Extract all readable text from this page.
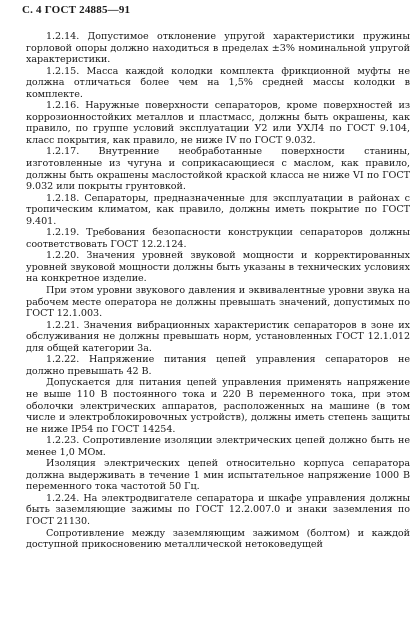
С. 4 ГОСТ 24885—91

1.2.14. Допустимое отклонение упругой характеристики пружины горловой опоры должно находиться в пределах ±3% номинальной упругой характеристики.

1.2.15. Масса каждой колодки комплекта фрикционной муфты не должна отличаться более чем на 1,5% средней массы колодки в комплекте.

1.2.16. Наружные поверхности сепараторов, кроме поверхностей из коррозионностойких металлов и пластмасс, должны быть окрашены, как правило, по группе условий эксплуатации У2 или УХЛ4 по ГОСТ 9.104, класс покрытия, как правило, не ниже IV по ГОСТ 9.032.

1.2.17. Внутренние необработанные поверхности станины, изготовленные из чугуна и соприкасающиеся с маслом, как правило, должны быть окрашены маслостойкой краской класса не ниже VI по ГОСТ 9.032 или покрыты грунтовкой.

1.2.18. Сепараторы, предназначенные для эксплуатации в районах с тропическим климатом, как правило, должны иметь покрытие по ГОСТ 9.401.

1.2.19. Требования безопасности конструкции сепараторов должны соответствовать ГОСТ 12.2.124.

1.2.20. Значения уровней звуковой мощности и корректированных уровней звуковой мощности должны быть указаны в технических условиях на конкретное изделие.

При этом уровни звукового давления и эквивалентные уровни звука на рабочем месте оператора не должны превышать значений, допустимых по ГОСТ 12.1.003.

1.2.21. Значения вибрационных характеристик сепараторов в зоне их обслуживания не должны превышать норм, установленных ГОСТ 12.1.012 для общей категории 3а.

1.2.22. Напряжение питания цепей управления сепараторов не должно превышать 42 В.

Допускается для питания цепей управления применять напряжение не выше 110 В постоянного тока и 220 В переменного тока, при этом оболочки электрических аппаратов, расположенных на машине (в том числе и электроблокировочных устройств), должны иметь степень защиты не ниже IP54 по ГОСТ 14254.

1.2.23. Сопротивление изоляции электрических цепей должно быть не менее 1,0 МОм.

Изоляция электрических цепей относительно корпуса сепаратора должна выдерживать в течение 1 мин испытательное напряжение 1000 В переменного тока частотой 50 Гц.

1.2.24. На электродвигателе сепаратора и шкафе управления должны быть заземляющие зажимы по ГОСТ 12.2.007.0 и знаки заземления по ГОСТ 21130.

Сопротивление между заземляющим зажимом (болтом) и каждой доступной прикосновению металлической нетоковедущей
